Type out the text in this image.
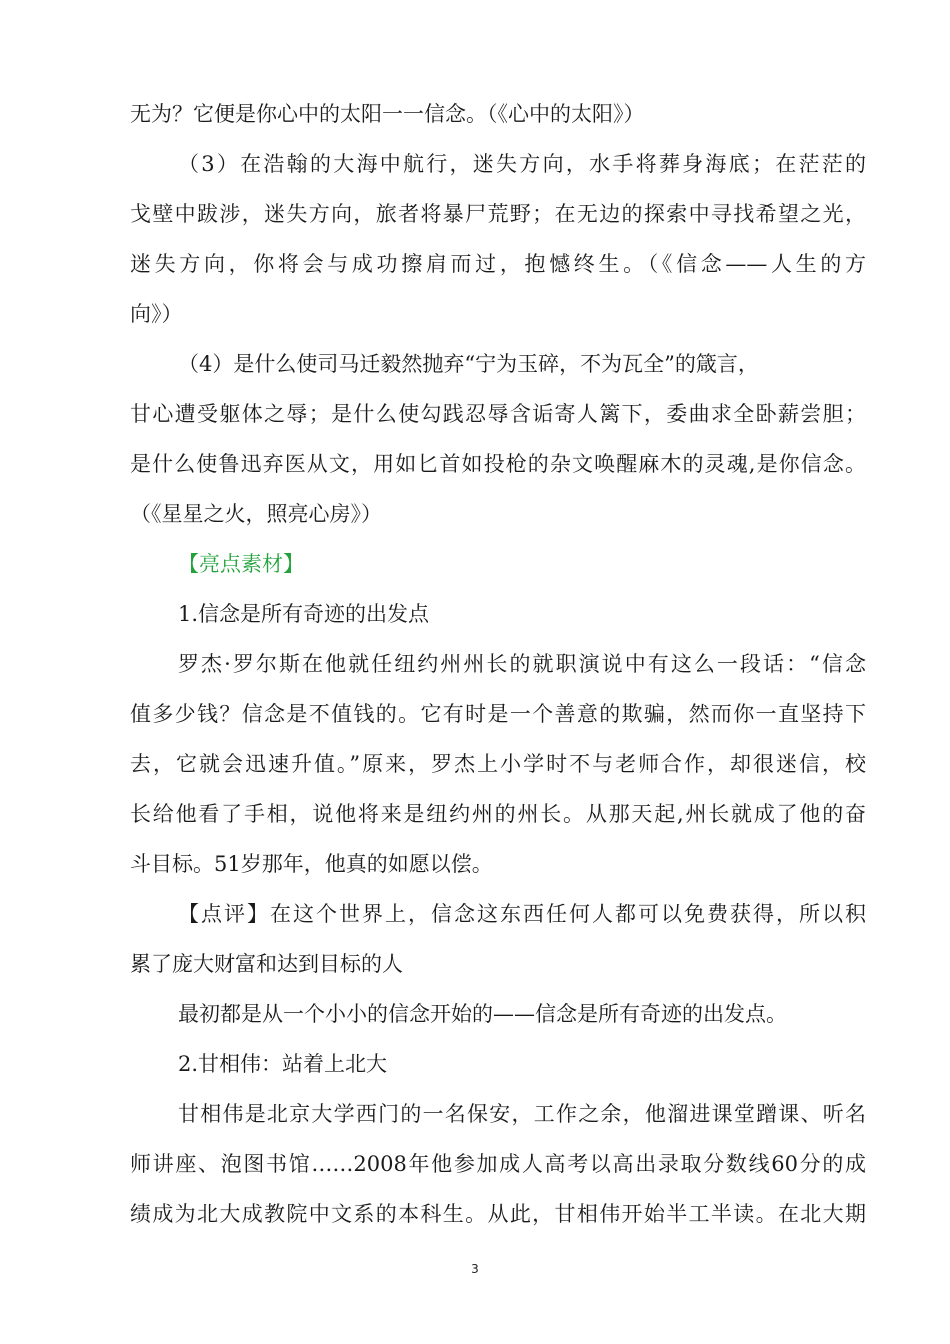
无为？它便是你心中的太阳一一信念。（《心中的太阳》）
（3）在浩翰的大海中航行，迷失方向，水手将葬身海底；在茫茫的
戈壁中跋涉，迷失方向，旅者将暴尸荒野；在无边的探索中寻找希望之光，
迷失方向，你将会与成功擦肩而过，抱憾终生。（《信念——人生的方
向》）
（4）是什么使司马迁毅然抛弃“宁为玉碎，不为瓦全”的箴言，
甘心遭受躯体之辱；是什么使勾践忍辱含诟寄人篱下，委曲求全卧薪尝胆；
是什么使鲁迅弃医从文，用如匕首如投枪的杂文唤醒麻木的灵魂,是你信念。
（《星星之火，照亮心房》）
【亮点素材】
1.信念是所有奇迹的出发点
罗杰·罗尔斯在他就任纽约州州长的就职演说中有这么一段话：“信念
值多少钱？信念是不值钱的。它有时是一个善意的欺骗，然而你一直坚持下
去，它就会迅速升值。”原来，罗杰上小学时不与老师合作，却很迷信，校
长给他看了手相，说他将来是纽约州的州长。从那天起,州长就成了他的奋
斗目标。51岁那年，他真的如愿以偿。
【点评】在这个世界上，信念这东西任何人都可以免费获得，所以积
累了庞大财富和达到目标的人
最初都是从一个小小的信念开始的——信念是所有奇迹的出发点。
2.甘相伟：站着上北大
甘相伟是北京大学西门的一名保安，工作之余，他溜进课堂蹭课、听名
师讲座、泡图书馆……2008年他参加成人高考以高出录取分数线60分的成
绩成为北大成教院中文系的本科生。从此，甘相伟开始半工半读。在北大期
3
